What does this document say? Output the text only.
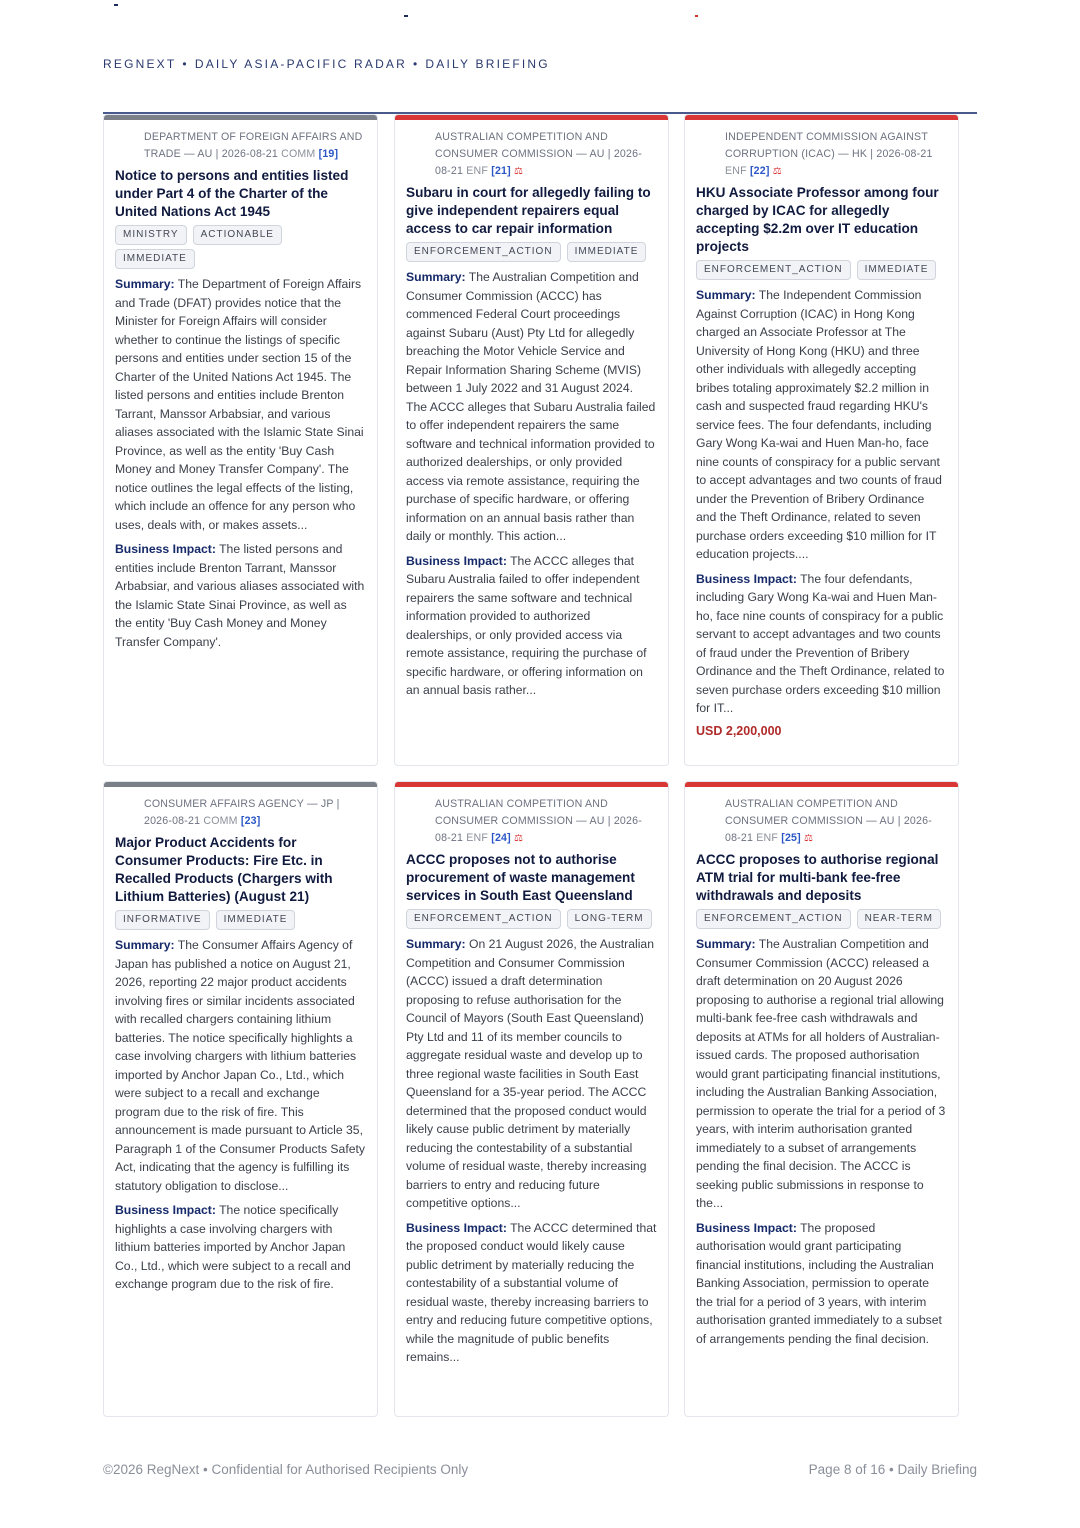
REGNEXT • DAILY ASIA-PACIFIC RADAR • DAILY BRIEFING
DEPARTMENT OF FOREIGN AFFAIRS AND TRADE — AU | 2026-08-21 COMM [19]
Notice to persons and entities listed under Part 4 of the Charter of the United Nations Act 1945
MINISTRY	ACTIONABLE
IMMEDIATE
Summary: The Department of Foreign Affairs and Trade (DFAT) provides notice that the Minister for Foreign Affairs will consider whether to continue the listings of specific persons and entities under section 15 of the Charter of the United Nations Act 1945. The listed persons and entities include Brenton Tarrant, Manssor Arbabsiar, and various aliases associated with the Islamic State Sinai Province, as well as the entity 'Buy Cash Money and Money Transfer Company'. The notice outlines the legal effects of the listing, which include an offence for any person who uses, deals with, or makes assets...
Business Impact: The listed persons and entities include Brenton Tarrant, Manssor Arbabsiar, and various aliases associated with the Islamic State Sinai Province, as well as the entity 'Buy Cash Money and Money Transfer Company'.
AUSTRALIAN COMPETITION AND CONSUMER COMMISSION — AU | 2026-08-21 ENF [21] ⚖
Subaru in court for allegedly failing to give independent repairers equal access to car repair information
ENFORCEMENT_ACTION	IMMEDIATE
Summary: The Australian Competition and Consumer Commission (ACCC) has commenced Federal Court proceedings against Subaru (Aust) Pty Ltd for allegedly breaching the Motor Vehicle Service and Repair Information Sharing Scheme (MVIS) between 1 July 2022 and 31 August 2024. The ACCC alleges that Subaru Australia failed to offer independent repairers the same software and technical information provided to authorized dealerships, or only provided access via remote assistance, requiring the purchase of specific hardware, or offering information on an annual basis rather than daily or monthly. This action...
Business Impact: The ACCC alleges that Subaru Australia failed to offer independent repairers the same software and technical information provided to authorized dealerships, or only provided access via remote assistance, requiring the purchase of specific hardware, or offering information on an annual basis rather...
INDEPENDENT COMMISSION AGAINST CORRUPTION (ICAC) — HK | 2026-08-21 ENF [22] ⚖
HKU Associate Professor among four charged by ICAC for allegedly accepting $2.2m over IT education projects
ENFORCEMENT_ACTION	IMMEDIATE
Summary: The Independent Commission Against Corruption (ICAC) in Hong Kong charged an Associate Professor at The University of Hong Kong (HKU) and three other individuals with allegedly accepting bribes totaling approximately $2.2 million in cash and suspected fraud regarding HKU's service fees. The four defendants, including Gary Wong Ka-wai and Huen Man-ho, face nine counts of conspiracy for a public servant to accept advantages and two counts of fraud under the Prevention of Bribery Ordinance and the Theft Ordinance, related to seven purchase orders exceeding $10 million for IT education projects....
Business Impact: The four defendants, including Gary Wong Ka-wai and Huen Man-ho, face nine counts of conspiracy for a public servant to accept advantages and two counts of fraud under the Prevention of Bribery Ordinance and the Theft Ordinance, related to seven purchase orders exceeding $10 million for IT...
USD 2,200,000
CONSUMER AFFAIRS AGENCY — JP | 2026-08-21 COMM [23]
Major Product Accidents for Consumer Products: Fire Etc. in Recalled Products (Chargers with Lithium Batteries) (August 21)
INFORMATIVE	IMMEDIATE
Summary: The Consumer Affairs Agency of Japan has published a notice on August 21, 2026, reporting 22 major product accidents involving fires or similar incidents associated with recalled chargers containing lithium batteries. The notice specifically highlights a case involving chargers with lithium batteries imported by Anchor Japan Co., Ltd., which were subject to a recall and exchange program due to the risk of fire. This announcement is made pursuant to Article 35, Paragraph 1 of the Consumer Products Safety Act, indicating that the agency is fulfilling its statutory obligation to disclose...
Business Impact: The notice specifically highlights a case involving chargers with lithium batteries imported by Anchor Japan Co., Ltd., which were subject to a recall and exchange program due to the risk of fire.
AUSTRALIAN COMPETITION AND CONSUMER COMMISSION — AU | 2026-08-21 ENF [24] ⚖
ACCC proposes not to authorise procurement of waste management services in South East Queensland
ENFORCEMENT_ACTION	LONG-TERM
Summary: On 21 August 2026, the Australian Competition and Consumer Commission (ACCC) issued a draft determination proposing to refuse authorisation for the Council of Mayors (South East Queensland) Pty Ltd and 11 of its member councils to aggregate residual waste and develop up to three regional waste facilities in South East Queensland for a 35-year period. The ACCC determined that the proposed conduct would likely cause public detriment by materially reducing the contestability of a substantial volume of residual waste, thereby increasing barriers to entry and reducing future competitive options...
Business Impact: The ACCC determined that the proposed conduct would likely cause public detriment by materially reducing the contestability of a substantial volume of residual waste, thereby increasing barriers to entry and reducing future competitive options, while the magnitude of public benefits remains...
AUSTRALIAN COMPETITION AND CONSUMER COMMISSION — AU | 2026-08-21 ENF [25] ⚖
ACCC proposes to authorise regional ATM trial for multi-bank fee-free withdrawals and deposits
ENFORCEMENT_ACTION	NEAR-TERM
Summary: The Australian Competition and Consumer Commission (ACCC) released a draft determination on 20 August 2026 proposing to authorise a regional trial allowing multi-bank fee-free cash withdrawals and deposits at ATMs for all holders of Australian-issued cards. The proposed authorisation would grant participating financial institutions, including the Australian Banking Association, permission to operate the trial for a period of 3 years, with interim authorisation granted immediately to a subset of arrangements pending the final decision. The ACCC is seeking public submissions in response to the...
Business Impact: The proposed authorisation would grant participating financial institutions, including the Australian Banking Association, permission to operate the trial for a period of 3 years, with interim authorisation granted immediately to a subset of arrangements pending the final decision.
©2026 RegNext • Confidential for Authorised Recipients Only	Page 8 of 16 • Daily Briefing
